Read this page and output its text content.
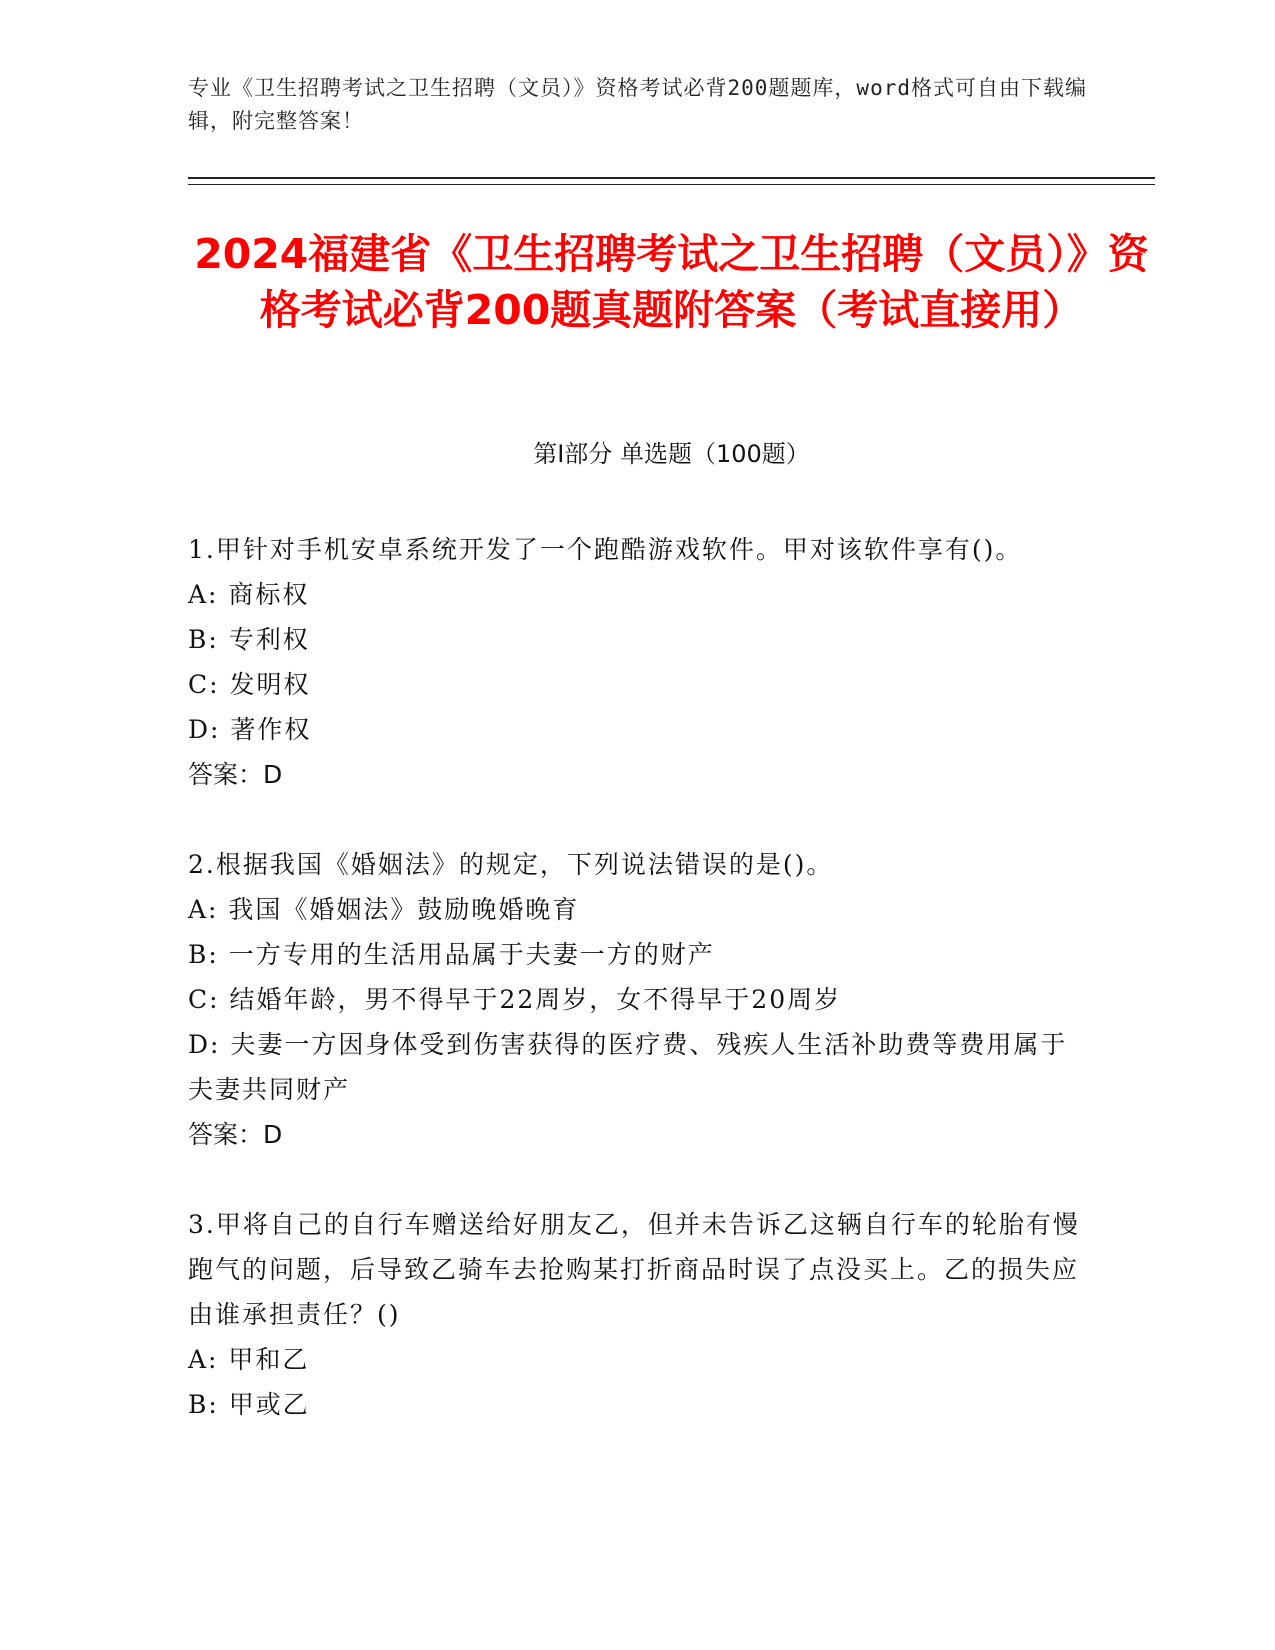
专业《卫生招聘考试之卫生招聘（文员）》资格考试必背200题题库，word格式可自由下载编辑，附完整答案！
2024福建省《卫生招聘考试之卫生招聘（文员）》资格考试必背200题真题附答案（考试直接用）
第Ⅰ部分 单选题（100题）

1.甲针对手机安卓系统开发了一个跑酷游戏软件。甲对该软件享有()。

A: 商标权

B: 专利权

C: 发明权

D: 著作权

答案：D

2.根据我国《婚姻法》的规定，下列说法错误的是()。

A: 我国《婚姻法》鼓励晚婚晚育

B: 一方专用的生活用品属于夫妻一方的财产

C: 结婚年龄，男不得早于22周岁，女不得早于20周岁

D: 夫妻一方因身体受到伤害获得的医疗费、残疾人生活补助费等费用属于夫妻共同财产

答案：D

3.甲将自己的自行车赠送给好朋友乙，但并未告诉乙这辆自行车的轮胎有慢跑气的问题，后导致乙骑车去抢购某打折商品时误了点没买上。乙的损失应由谁承担责任？()

A: 甲和乙

B: 甲或乙
